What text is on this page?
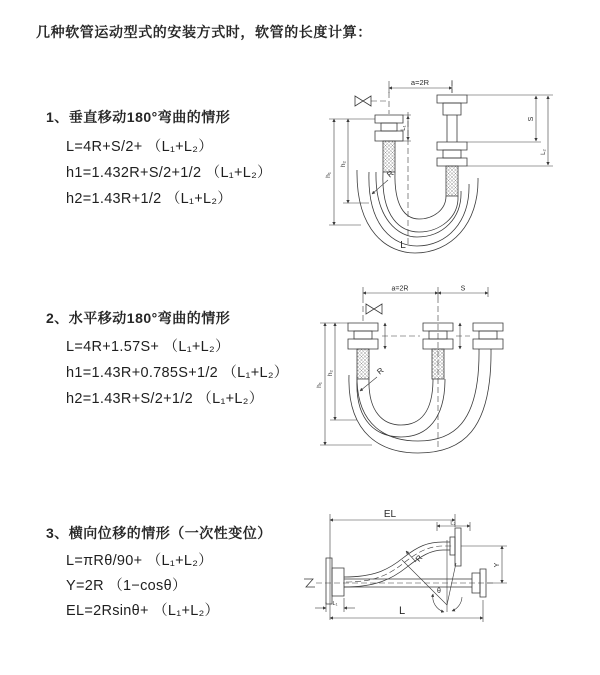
几种软管运动型式的安装方式时，软管的长度计算：
1、垂直移动180°弯曲的情形
L=4R+S/2+ （L₁+L₂）
h1=1.432R+S/2+1/2 （L₁+L₂）
h2=1.43R+1/2 （L₁+L₂）
2、水平移动180°弯曲的情形
L=4R+1.57S+ （L₁+L₂）
h1=1.43R+0.785S+1/2 （L₁+L₂）
h2=1.43R+S/2+1/2 （L₁+L₂）
3、横向位移的情形（一次性变位）
L=πRθ/90+ （L₁+L₂）
Y=2R （1−cosθ）
EL=2Rsinθ+ （L₁+L₂）
a=2R
h₁
h₂
L₁
S
L₂
R
L
a=2R	S
h₁
h₂	R
EL
L₂
Y
L
L₁
θ
R
